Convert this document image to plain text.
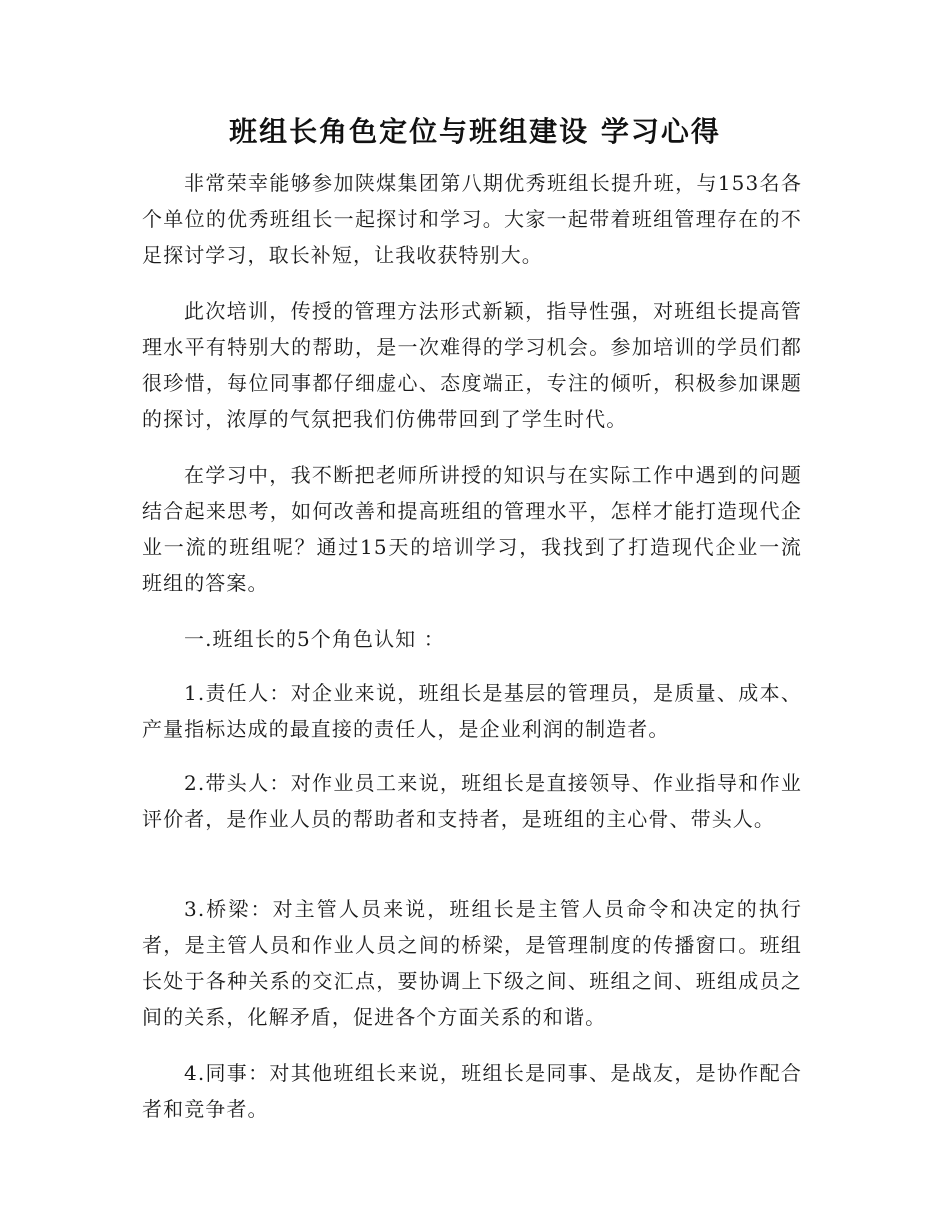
班组长角色定位与班组建设 学习心得

非常荣幸能够参加陕煤集团第八期优秀班组长提升班，与153名各个单位的优秀班组长一起探讨和学习。大家一起带着班组管理存在的不足探讨学习，取长补短，让我收获特别大。

此次培训，传授的管理方法形式新颖，指导性强，对班组长提高管理水平有特别大的帮助，是一次难得的学习机会。参加培训的学员们都很珍惜，每位同事都仔细虚心、态度端正，专注的倾听，积极参加课题的探讨，浓厚的气氛把我们仿佛带回到了学生时代。

在学习中，我不断把老师所讲授的知识与在实际工作中遇到的问题结合起来思考，如何改善和提高班组的管理水平，怎样才能打造现代企业一流的班组呢？通过15天的培训学习，我找到了打造现代企业一流班组的答案。

一.班组长的5个角色认知 ：

1.责任人：对企业来说，班组长是基层的管理员，是质量、成本、产量指标达成的最直接的责任人，是企业利润的制造者。

2.带头人：对作业员工来说，班组长是直接领导、作业指导和作业评价者，是作业人员的帮助者和支持者，是班组的主心骨、带头人。

3.桥梁：对主管人员来说，班组长是主管人员命令和决定的执行者，是主管人员和作业人员之间的桥梁，是管理制度的传播窗口。班组长处于各种关系的交汇点，要协调上下级之间、班组之间、班组成员之间的关系，化解矛盾，促进各个方面关系的和谐。

4.同事：对其他班组长来说，班组长是同事、是战友，是协作配合者和竞争者。
